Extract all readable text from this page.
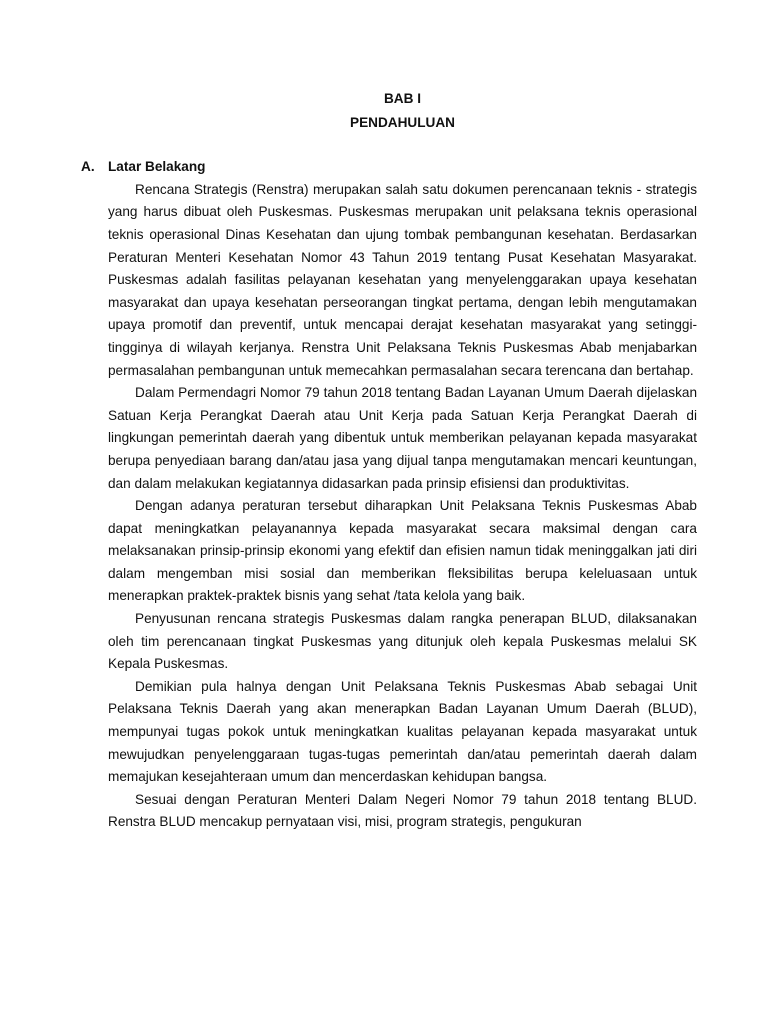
BAB I

PENDAHULUAN

A. Latar Belakang

Rencana Strategis (Renstra) merupakan salah satu dokumen perencanaan teknis - strategis yang harus dibuat oleh Puskesmas. Puskesmas merupakan unit pelaksana teknis operasional teknis operasional Dinas Kesehatan dan ujung tombak pembangunan kesehatan. Berdasarkan Peraturan Menteri Kesehatan Nomor 43 Tahun 2019 tentang Pusat Kesehatan Masyarakat. Puskesmas adalah fasilitas pelayanan kesehatan yang menyelenggarakan upaya kesehatan masyarakat dan upaya kesehatan perseorangan tingkat pertama, dengan lebih mengutamakan upaya promotif dan preventif, untuk mencapai derajat kesehatan masyarakat yang setinggi-tingginya di wilayah kerjanya. Renstra Unit Pelaksana Teknis Puskesmas Abab menjabarkan permasalahan pembangunan untuk memecahkan permasalahan secara terencana dan bertahap.

Dalam Permendagri Nomor 79 tahun 2018 tentang Badan Layanan Umum Daerah dijelaskan Satuan Kerja Perangkat Daerah atau Unit Kerja pada Satuan Kerja Perangkat Daerah di lingkungan pemerintah daerah yang dibentuk untuk memberikan pelayanan kepada masyarakat berupa penyediaan barang dan/atau jasa yang dijual tanpa mengutamakan mencari keuntungan, dan dalam melakukan kegiatannya didasarkan pada prinsip efisiensi dan produktivitas.

Dengan adanya peraturan tersebut diharapkan Unit Pelaksana Teknis Puskesmas Abab dapat meningkatkan pelayanannya kepada masyarakat secara maksimal dengan cara melaksanakan prinsip-prinsip ekonomi yang efektif dan efisien namun tidak meninggalkan jati diri dalam mengemban misi sosial dan memberikan fleksibilitas berupa keleluasaan untuk menerapkan praktek-praktek bisnis yang sehat /tata kelola yang baik.

Penyusunan rencana strategis Puskesmas dalam rangka penerapan BLUD, dilaksanakan oleh tim perencanaan tingkat Puskesmas yang ditunjuk oleh kepala Puskesmas melalui SK Kepala Puskesmas.

Demikian pula halnya dengan Unit Pelaksana Teknis Puskesmas Abab sebagai Unit Pelaksana Teknis Daerah yang akan menerapkan Badan Layanan Umum Daerah (BLUD), mempunyai tugas pokok untuk meningkatkan kualitas pelayanan kepada masyarakat untuk mewujudkan penyelenggaraan tugas-tugas pemerintah dan/atau pemerintah daerah dalam memajukan kesejahteraan umum dan mencerdaskan kehidupan bangsa.

Sesuai dengan Peraturan Menteri Dalam Negeri Nomor 79 tahun 2018 tentang BLUD. Renstra BLUD mencakup pernyataan visi, misi, program strategis, pengukuran
